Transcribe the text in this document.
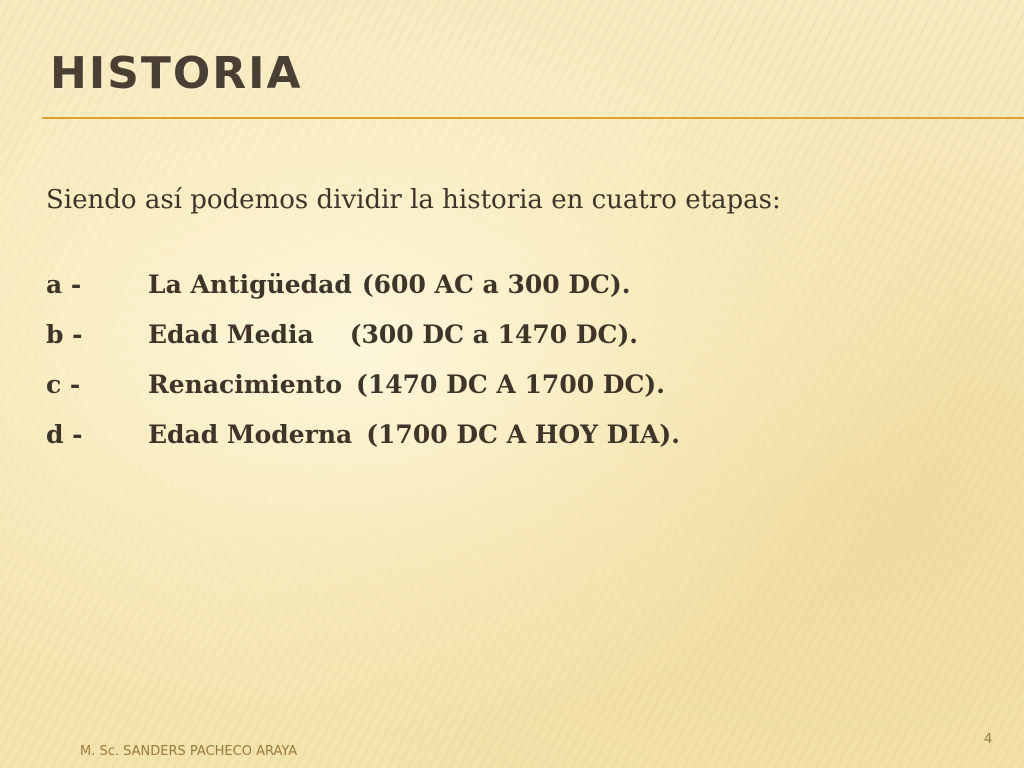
HISTORIA

Siendo así podemos dividir la historia en cuatro etapas:

a -	La Antigüedad (600 AC a 300 DC).
b -	Edad Media (300 DC a 1470 DC).
c -	Renacimiento (1470 DC A 1700 DC).
d -	Edad Moderna (1700 DC A HOY DIA).
M. Sc. SANDERS PACHECO ARAYA
4
